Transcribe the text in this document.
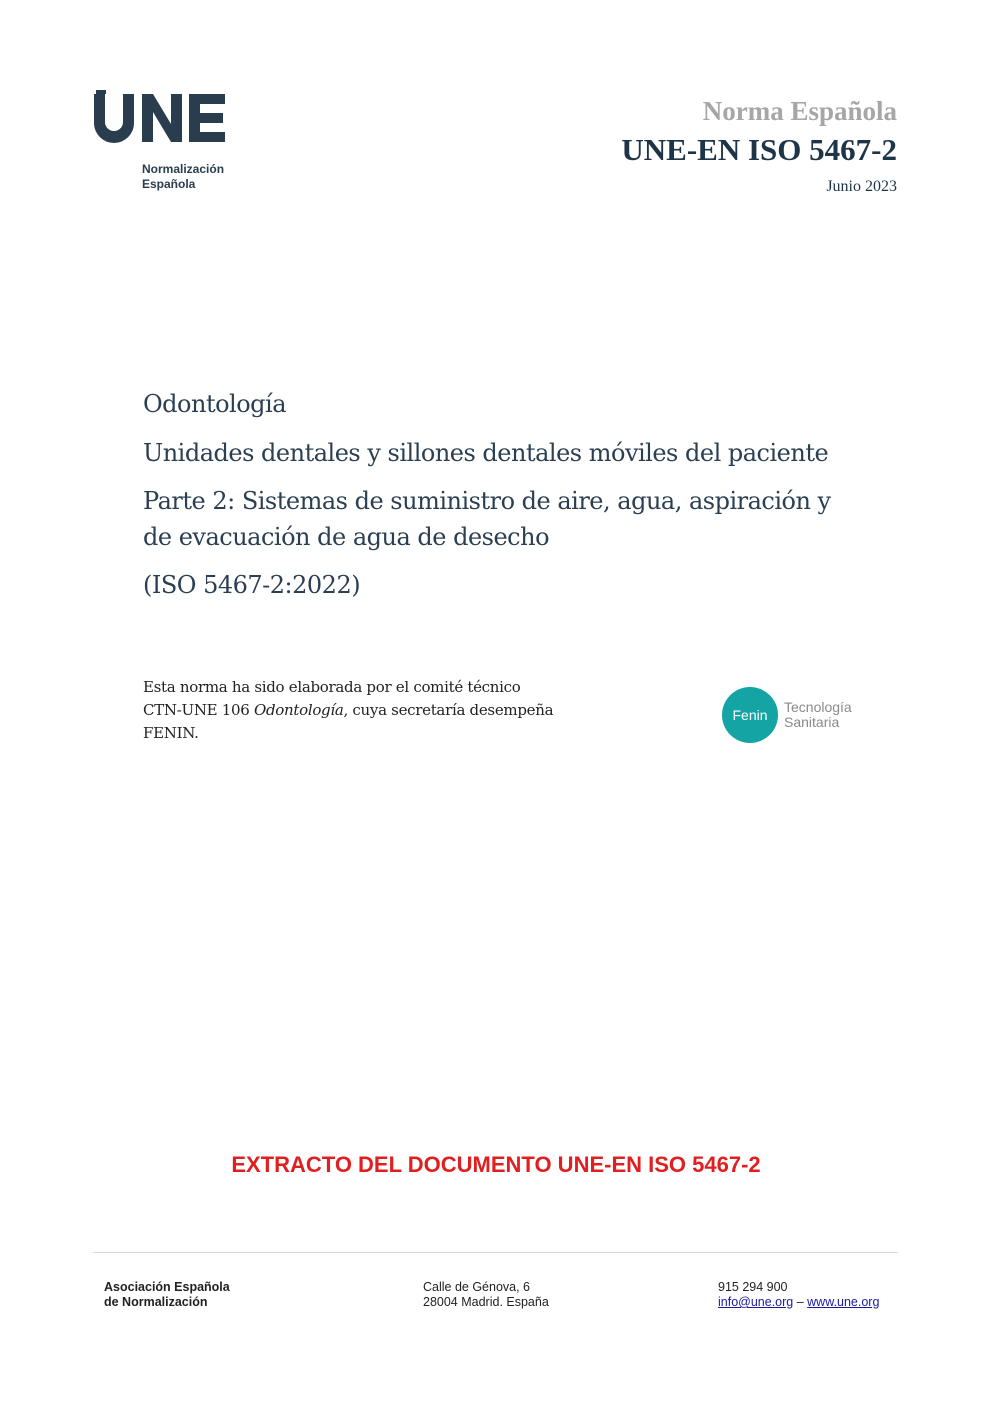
Normalización
Española
Norma Española
UNE-EN ISO 5467-2
Junio 2023
Odontología
Unidades dentales y sillones dentales móviles del paciente
Parte 2: Sistemas de suministro de aire, agua, aspiración y
de evacuación de agua de desecho
(ISO 5467-2:2022)
Esta norma ha sido elaborada por el comité técnico
CTN-UNE 106 Odontología, cuya secretaría desempeña
FENIN.
Fenin	Tecnología
Sanitaria
EXTRACTO DEL DOCUMENTO UNE-EN ISO 5467-2
Asociación Española
de Normalización
Calle de Génova, 6
28004 Madrid. España
915 294 900
info@une.org – www.une.org
